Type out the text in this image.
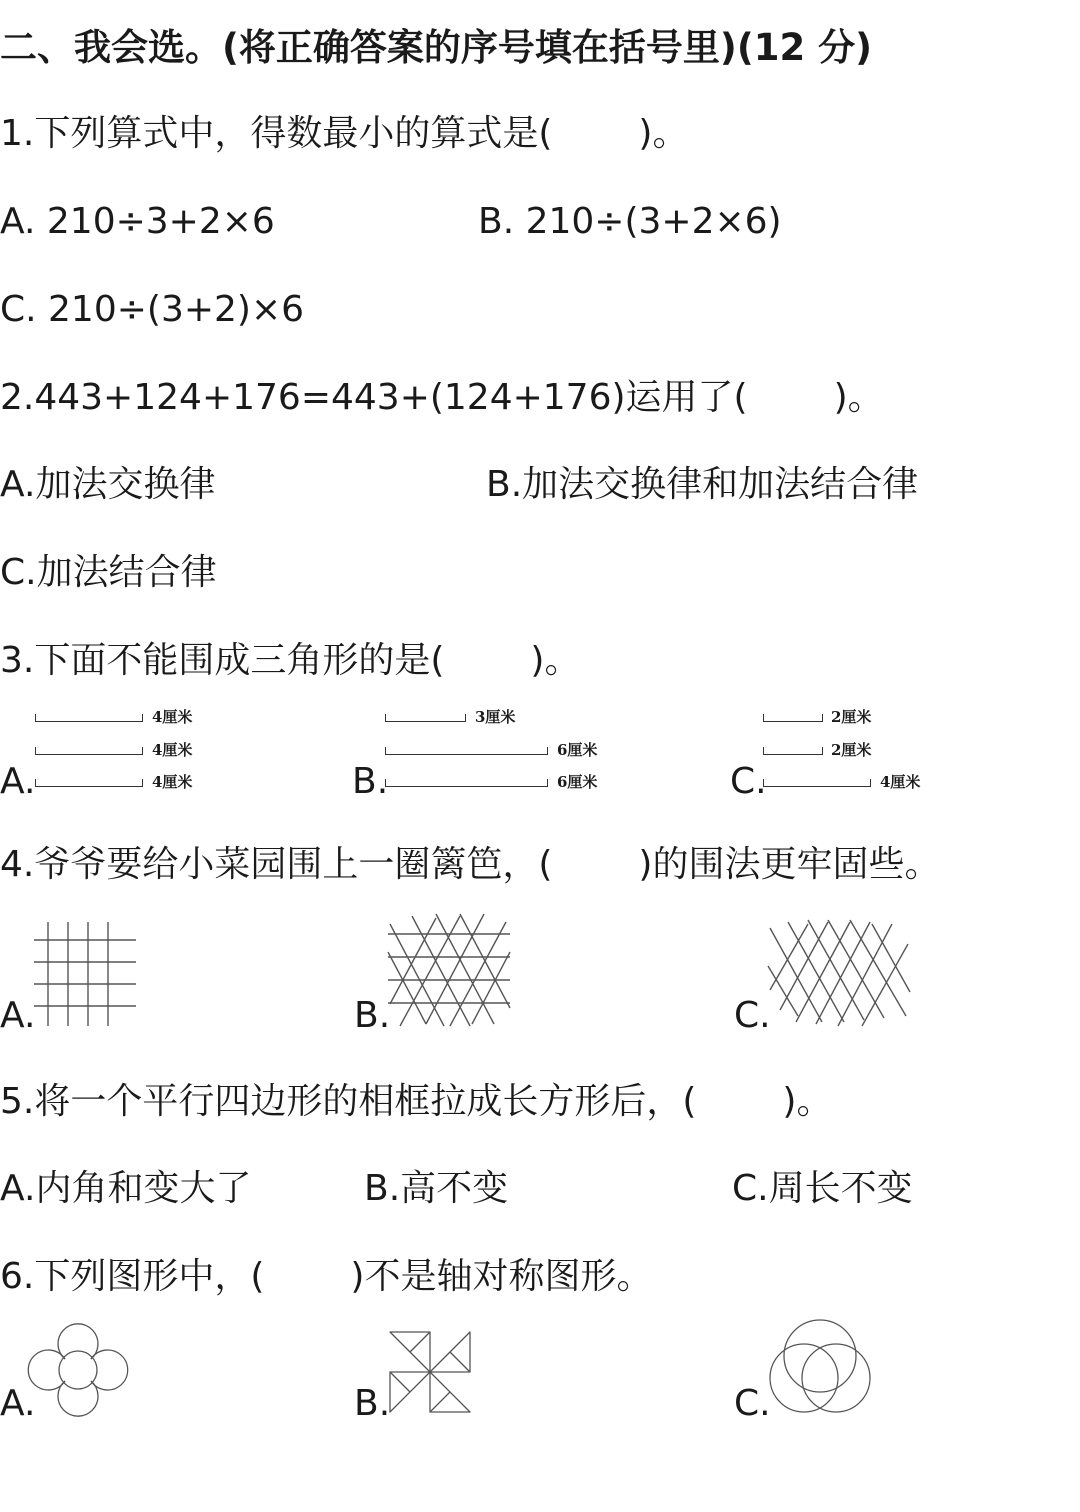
二、我会选。(将正确答案的序号填在括号里)(12 分)
1.下列算式中，得数最小的算式是( )。
A. 210÷3+2×6	B. 210÷(3+2×6)
C. 210÷(3+2)×6
2.443+124+176=443+(124+176)运用了( )。
A.加法交换律	B.加法交换律和加法结合律
C.加法结合律
3.下面不能围成三角形的是( )。
A.	B.	C.
4厘米
4厘米
4厘米
3厘米
6厘米
6厘米
2厘米
2厘米
4厘米
4.爷爷要给小菜园围上一圈篱笆，( )的围法更牢固些。
A.	B.	C.
5.将一个平行四边形的相框拉成长方形后，( )。
A.内角和变大了	B.高不变	C.周长不变
6.下列图形中，( )不是轴对称图形。
A.	B.	C.
